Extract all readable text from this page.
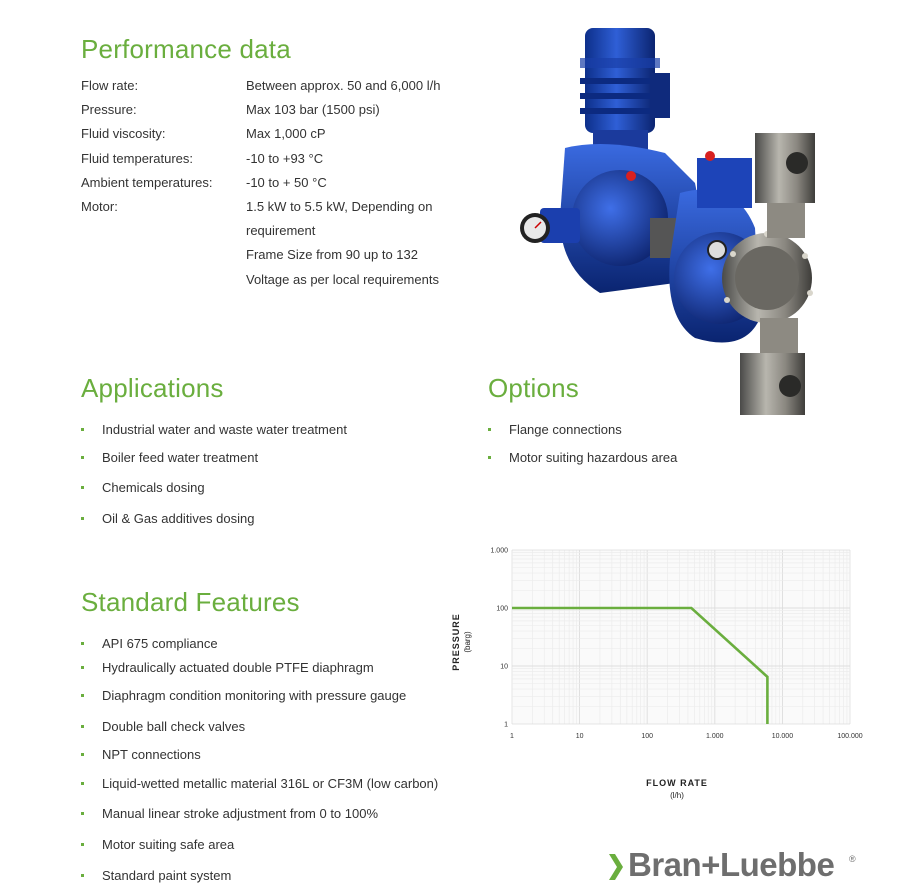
Performance data
Flow rate:	Between approx. 50 and 6,000 l/h
Pressure:	Max 103 bar (1500 psi)
Fluid viscosity:	Max 1,000 cP
Fluid temperatures:	-10 to +93 °C
Ambient temperatures:	-10 to + 50 °C
Motor:	1.5 kW to 5.5 kW, Depending on
requirement
Frame Size from 90 up to 132
Voltage as per local requirements
Applications
Industrial water and waste water treatment
Boiler feed water treatment
Chemicals dosing
Oil & Gas additives dosing
Options
Flange connections
Motor suiting hazardous area
Standard Features
API 675 compliance
Hydraulically actuated double PTFE diaphragm
Diaphragm condition monitoring with pressure gauge
Double ball check valves
NPT connections
Liquid-wetted metallic material 316L or CF3M (low carbon)
Manual linear stroke adjustment from 0 to 100%
Motor suiting safe area
Standard paint system
1	10	100	1.000	10.000	100.000
1
10
100
1.000
PRESSURE (barg)
FLOW RATE
(l/h)
Bran+Luebbe ®
